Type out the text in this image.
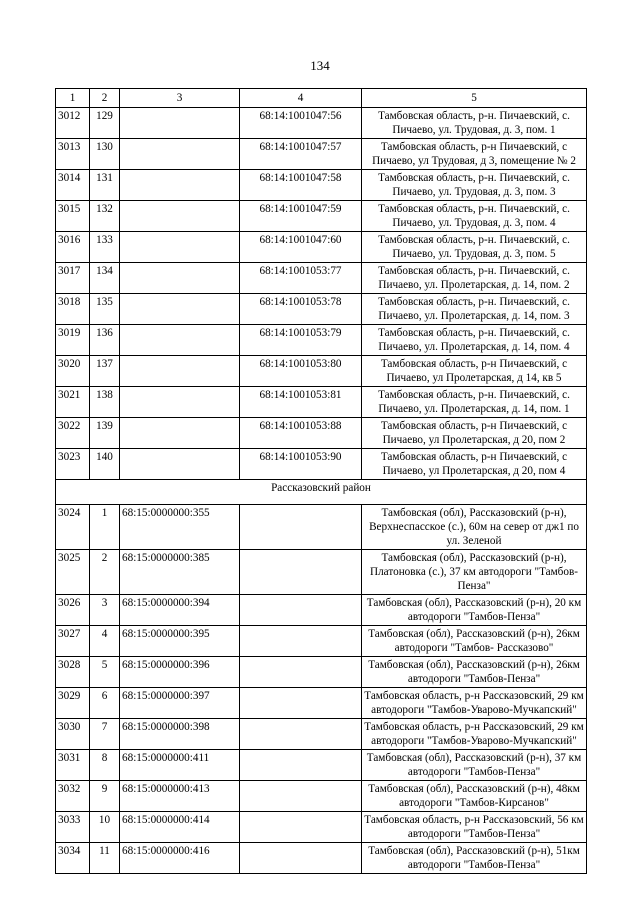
134
1	2	3	4	5
3012	129		68:14:1001047:56	Тамбовская область, р-н. Пичаевский, с. Пичаево, ул. Трудовая, д. 3, пом. 1
3013	130		68:14:1001047:57	Тамбовская область, р-н Пичаевский, с Пичаево, ул Трудовая, д 3, помещение № 2
3014	131		68:14:1001047:58	Тамбовская область, р-н. Пичаевский, с. Пичаево, ул. Трудовая, д. 3, пом. 3
3015	132		68:14:1001047:59	Тамбовская область, р-н. Пичаевский, с. Пичаево, ул. Трудовая, д. 3, пом. 4
3016	133		68:14:1001047:60	Тамбовская область, р-н. Пичаевский, с. Пичаево, ул. Трудовая, д. 3, пом. 5
3017	134		68:14:1001053:77	Тамбовская область, р-н. Пичаевский, с. Пичаево, ул. Пролетарская, д. 14, пом. 2
3018	135		68:14:1001053:78	Тамбовская область, р-н. Пичаевский, с. Пичаево, ул. Пролетарская, д. 14, пом. 3
3019	136		68:14:1001053:79	Тамбовская область, р-н. Пичаевский, с. Пичаево, ул. Пролетарская, д. 14, пом. 4
3020	137		68:14:1001053:80	Тамбовская область, р-н Пичаевский, с Пичаево, ул Пролетарская, д 14, кв 5
3021	138		68:14:1001053:81	Тамбовская область, р-н. Пичаевский, с. Пичаево, ул. Пролетарская, д. 14, пом. 1
3022	139		68:14:1001053:88	Тамбовская область, р-н Пичаевский, с Пичаево, ул Пролетарская, д 20, пом 2
3023	140		68:14:1001053:90	Тамбовская область, р-н Пичаевский, с Пичаево, ул Пролетарская, д 20, пом 4
Рассказовский район				
3024	1	68:15:0000000:355		Тамбовская (обл), Рассказовский (р-н), Верхнеспасское (с.), 60м на север от дж1 по ул. Зеленой
3025	2	68:15:0000000:385		Тамбовская (обл), Рассказовский (р-н), Платоновка (с.), 37 км автодороги "Тамбов-Пенза"
3026	3	68:15:0000000:394		Тамбовская (обл), Рассказовский (р-н), 20 км автодороги "Тамбов-Пенза"
3027	4	68:15:0000000:395		Тамбовская (обл), Рассказовский (р-н), 26км автодороги "Тамбов- Рассказово"
3028	5	68:15:0000000:396		Тамбовская (обл), Рассказовский (р-н), 26км автодороги "Тамбов-Пенза"
3029	6	68:15:0000000:397		Тамбовская область, р-н Рассказовский, 29 км автодороги "Тамбов-Уварово-Мучкапский"
3030	7	68:15:0000000:398		Тамбовская область, р-н Рассказовский, 29 км автодороги "Тамбов-Уварово-Мучкапский"
3031	8	68:15:0000000:411		Тамбовская (обл), Рассказовский (р-н), 37 км автодороги "Тамбов-Пенза"
3032	9	68:15:0000000:413		Тамбовская (обл), Рассказовский (р-н), 48км автодороги "Тамбов-Кирсанов"
3033	10	68:15:0000000:414		Тамбовская область, р-н Рассказовский, 56 км автодороги "Тамбов-Пенза"
3034	11	68:15:0000000:416		Тамбовская (обл), Рассказовский (р-н), 51км автодороги "Тамбов-Пенза"
